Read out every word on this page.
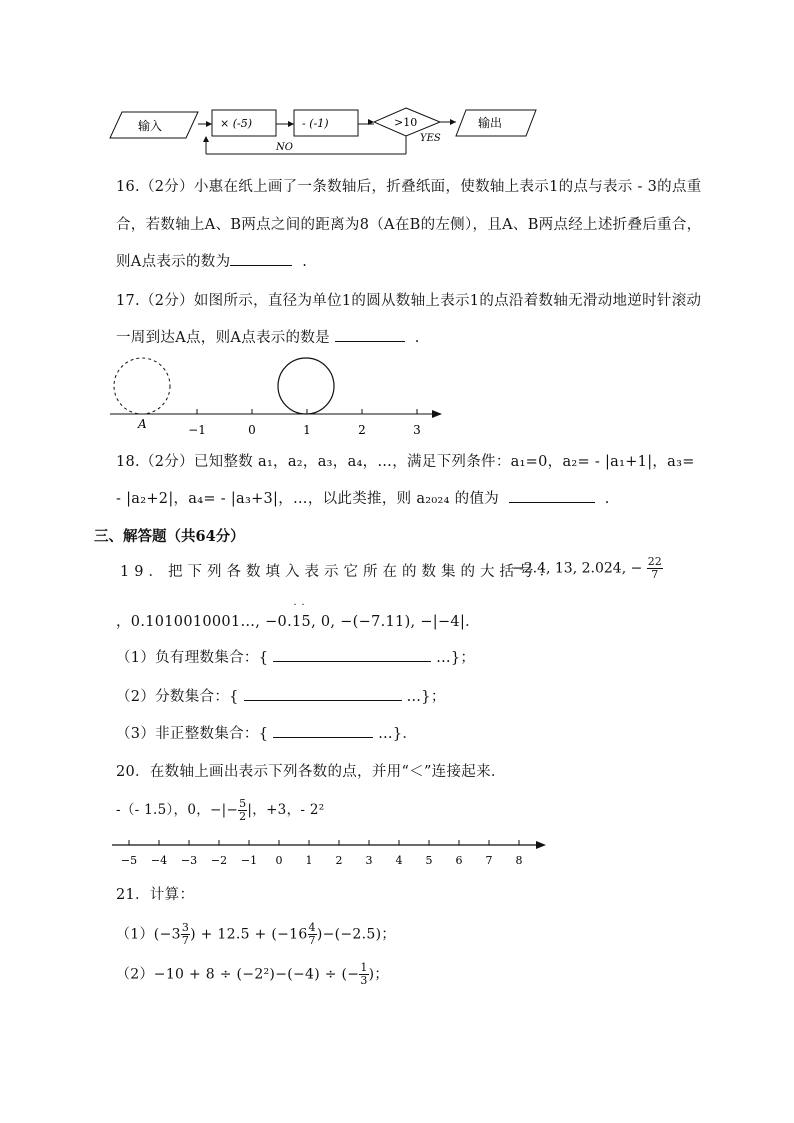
输入	× (-5)	- (-1)	>10
YES
NO
输出
16.（2分）小惠在纸上画了一条数轴后，折叠纸面，使数轴上表示1的点与表示 - 3的点重
合，若数轴上A、B两点之间的距离为8（A在B的左侧），且A、B两点经上述折叠后重合，
则A点表示的数为	.
17.（2分）如图所示，直径为单位1的圆从数轴上表示1的点沿着数轴无滑动地逆时针滚动
一周到达A点，则A点表示的数是	.
A	−1	0	1	2	3
18.（2分）已知整数 a₁，a₂，a₃，a₄，…，满足下列条件：a₁=0，a₂= - |a₁+1|，a₃=
- |a₂+2|，a₄= - |a₃+3|，…，以此类推，则 a₂₀₂₄ 的值为	.
三、解答题（共64分）
19．把下列各数填入表示它所在的数集的大括号：
−2.4, 13, 2.024, − $\frac{22}{7}$
，0.1010010001…, −0.15
˙˙
, 0, −(−7.11), −|−4|．
（1）负有理数集合：{	…}；
（2）分数集合：{	…}；
（3）非正整数集合：{	…}．
20．在数轴上画出表示下列各数的点，并用“＜”连接起来．
-（- 1.5），0，−|− $\frac{5}{2}$ |，+3，- 2²
−5 −4 −3 −2 −1 0 1 2 3 4 5 6 7 8
21．计算：
$(1)(-3 \frac{3}{7}$ ) + $12.5 + (-16 \frac{4}{7} )-(-2.5)$；
（2）−10 + 8 ÷ (−2²)−(−4) ÷ (− $\frac{1}{3}$ )；
